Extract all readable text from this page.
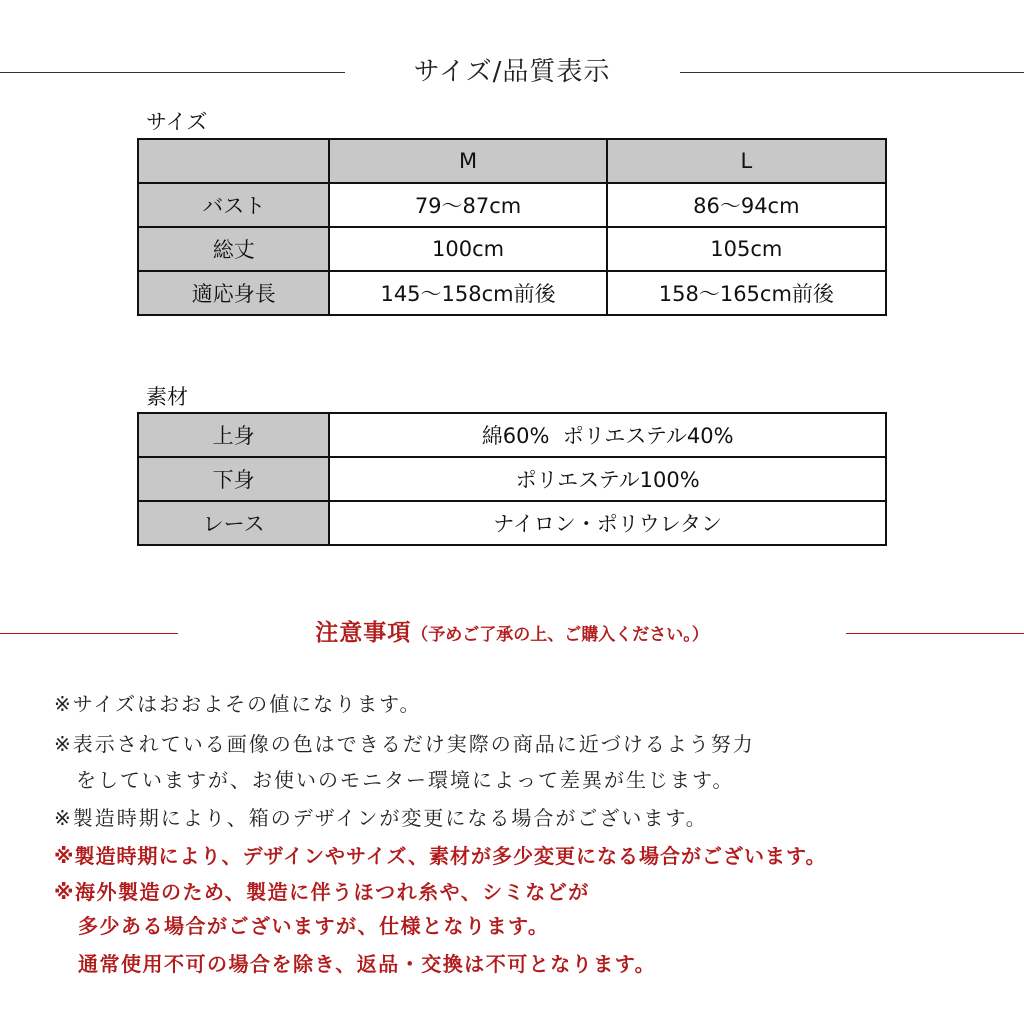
サイズ/品質表示
サイズ
	M	L
バスト	79〜87cm	86〜94cm
総丈	100cm	105cm
適応身長	145〜158cm前後	158〜165cm前後
素材
上身	綿60%  ポリエステル40%
下身	ポリエステル100%
レース	ナイロン・ポリウレタン
注意事項（予めご了承の上、ご購入ください。）
※サイズはおおよその値になります。
※表示されている画像の色はできるだけ実際の商品に近づけるよう努力
をしていますが、お使いのモニター環境によって差異が生じます。
※製造時期により、箱のデザインが変更になる場合がございます。
※製造時期により、デザインやサイズ、素材が多少変更になる場合がございます。
※海外製造のため、製造に伴うほつれ糸や、シミなどが
多少ある場合がございますが、仕様となります。
通常使用不可の場合を除き、返品・交換は不可となります。
